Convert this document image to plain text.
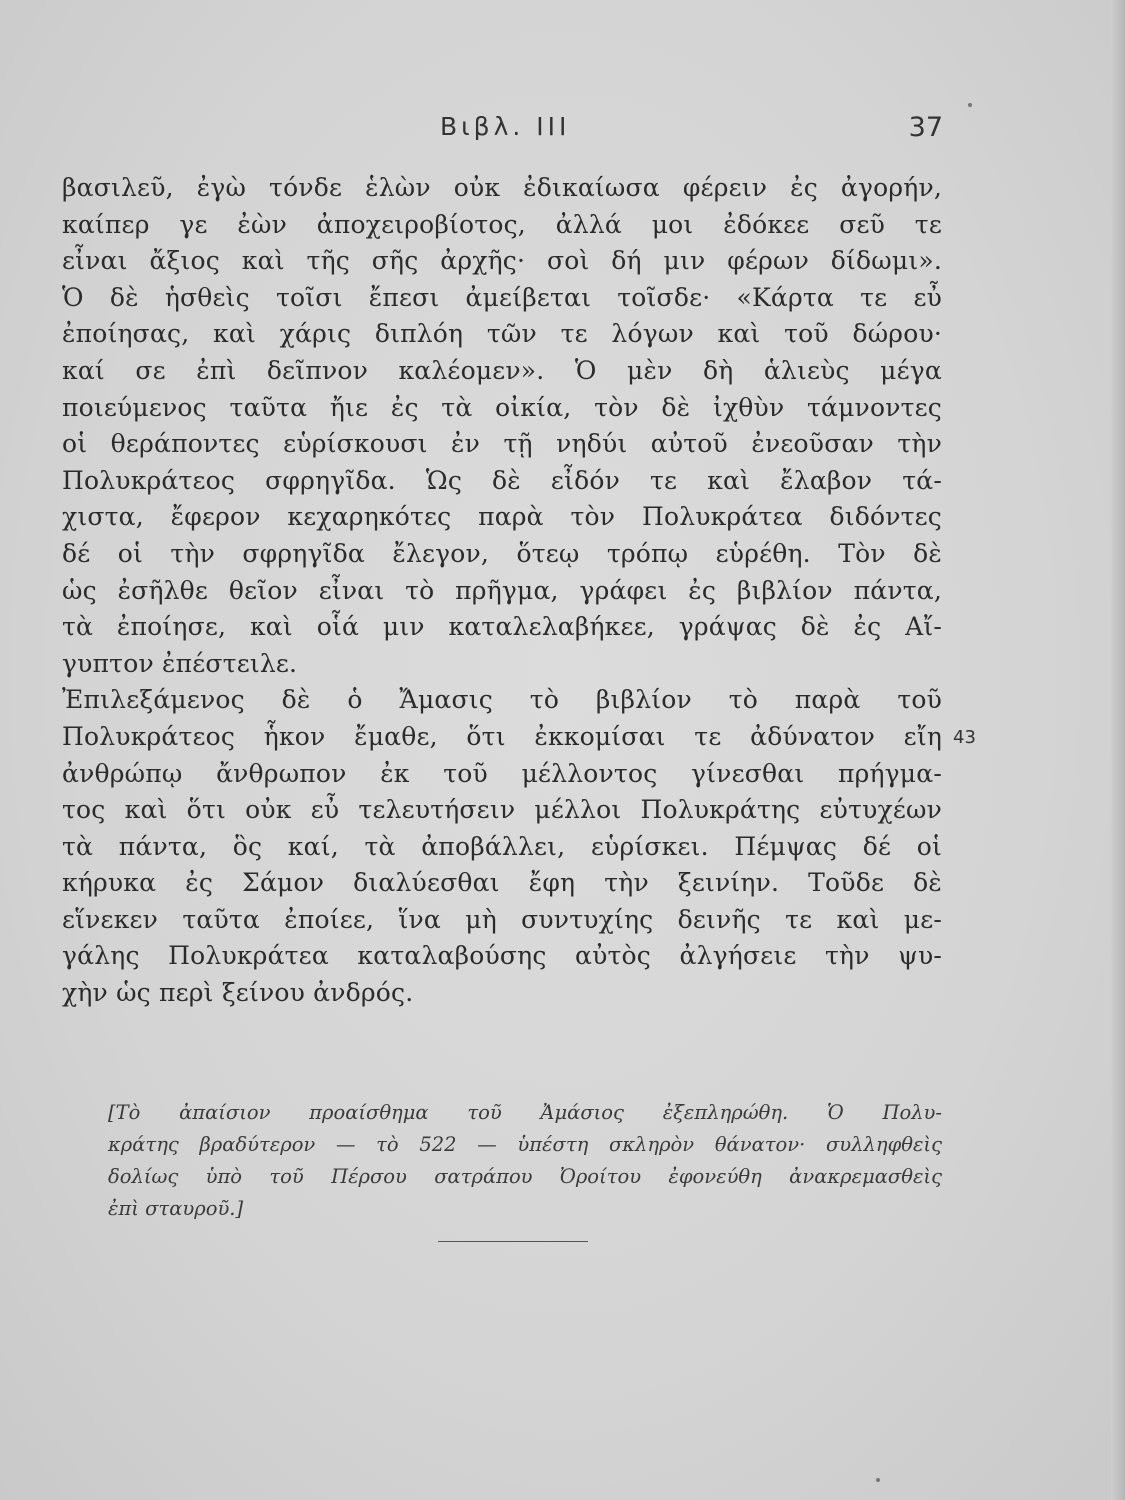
Βιβλ. ΙΙΙ	37
βασιλεῦ, ἐγὼ τόνδε ἑλὼν οὐκ ἐδικαίωσα φέρειν ἐς ἀγορήν,
καίπερ γε ἐὼν ἀποχειροβίοτος, ἀλλά μοι ἐδόκεε σεῦ τε
εἶναι ἄξιος καὶ τῆς σῆς ἀρχῆς· σοὶ δή μιν φέρων δίδωμι».
Ὁ δὲ ἡσθεὶς τοῖσι ἔπεσι ἀμείβεται τοῖσδε· «Κάρτα τε εὖ
ἐποίησας, καὶ χάρις διπλόη τῶν τε λόγων καὶ τοῦ δώρου·
καί σε ἐπὶ δεῖπνον καλέομεν». Ὁ μὲν δὴ ἁλιεὺς μέγα
ποιεύμενος ταῦτα ἤιε ἐς τὰ οἰκία, τὸν δὲ ἰχθὺν τάμνοντες
οἱ θεράποντες εὑρίσκουσι ἐν τῇ νηδύι αὐτοῦ ἐνεοῦσαν τὴν
Πολυκράτεος σφρηγῖδα. Ὡς δὲ εἶδόν τε καὶ ἔλαβον τά-
χιστα, ἔφερον κεχαρηκότες παρὰ τὸν Πολυκράτεα διδόντες
δέ οἱ τὴν σφρηγῖδα ἔλεγον, ὅτεῳ τρόπῳ εὑρέθη. Τὸν δὲ
ὡς ἐσῆλθε θεῖον εἶναι τὸ πρῆγμα, γράφει ἐς βιβλίον πάντα,
τὰ ἐποίησε, καὶ οἷά μιν καταλελαβήκεε, γράψας δὲ ἐς Αἴ-
γυπτον ἐπέστειλε.
Ἐπιλεξάμενος δὲ ὁ Ἄμασις τὸ βιβλίον τὸ παρὰ τοῦ
Πολυκράτεος ἧκον ἔμαθε, ὅτι ἐκκομίσαι τε ἀδύνατον εἴη
ἀνθρώπῳ ἄνθρωπον ἐκ τοῦ μέλλοντος γίνεσθαι πρήγμα-
τος καὶ ὅτι οὐκ εὖ τελευτήσειν μέλλοι Πολυκράτης εὐτυχέων
τὰ πάντα, ὃς καί, τὰ ἀποβάλλει, εὑρίσκει. Πέμψας δέ οἱ
κήρυκα ἐς Σάμον διαλύεσθαι ἔφη τὴν ξεινίην. Τοῦδε δὲ
εἵνεκεν ταῦτα ἐποίεε, ἵνα μὴ συντυχίης δεινῆς τε καὶ με-
γάλης Πολυκράτεα καταλαβούσης αὐτὸς ἀλγήσειε τὴν ψυ-
χὴν ὡς περὶ ξείνου ἀνδρός.
43
[Τὸ ἀπαίσιον προαίσθημα τοῦ Ἀμάσιος ἐξεπληρώθη. Ὁ Πολυ-
κράτης βραδύτερον — τὸ 522 — ὑπέστη σκληρὸν θάνατον· συλληφθεὶς
δολίως ὑπὸ τοῦ Πέρσου σατράπου Ὀροίτου ἐφονεύθη ἀνακρεμασθεὶς
ἐπὶ σταυροῦ.]
